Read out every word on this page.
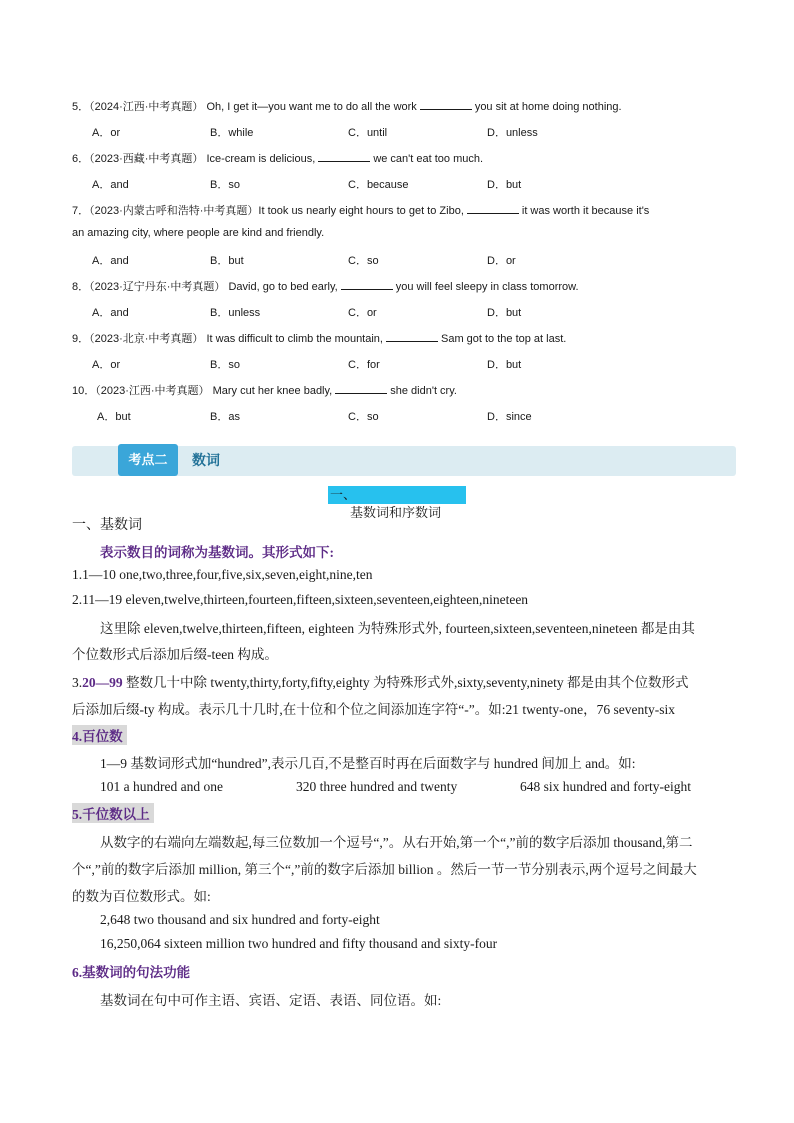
5．（2024·江西·中考真题） Oh, I get it—you want me to do all the work	you sit at home doing nothing.
A．or	B．while	C．until	D．unless
6．（2023·西藏·中考真题） Ice-cream is delicious,	we can't eat too much.
A．and	B．so	C．because	D．but
7．（2023·内蒙古呼和浩特·中考真题）It took us nearly eight hours to get to Zibo,	it was worth it because it's
an amazing city, where people are kind and friendly.
A．and	B．but	C．so	D．or
8．（2023·辽宁丹东·中考真题） David, go to bed early,	you will feel sleepy in class tomorrow.
A．and	B．unless	C．or	D．but
9．（2023·北京·中考真题） It was difficult to climb the mountain,	Sam got to the top at last.
A．or	B．so	C．for	D．but
10．（2023·江西·中考真题） Mary cut her knee badly,	she didn't cry.
A．but	B．as	C．so	D．since
考点二	数词
一、基数词和序数词
一、基数词
表示数目的词称为基数词。其形式如下:
1.1—10 one,two,three,four,five,six,seven,eight,nine,ten
2.11—19 eleven,twelve,thirteen,fourteen,fifteen,sixteen,seventeen,eighteen,nineteen
这里除 eleven,twelve,thirteen,fifteen, eighteen 为特殊形式外, fourteen,sixteen,seventeen,nineteen 都是由其
个位数形式后添加后缀-teen 构成。
3.20—99 整数几十中除 twenty,thirty,forty,fifty,eighty 为特殊形式外,sixty,seventy,ninety 都是由其个位数形式
后添加后缀-ty 构成。表示几十几时,在十位和个位之间添加连字符“-”。如:21 twenty-one，76 seventy-six
4.百位数
1—9 基数词形式加“hundred”,表示几百,不是整百时再在后面数字与 hundred 间加上 and。如:
101 a hundred and one	320 three hundred and twenty	648 six hundred and forty-eight
5.千位数以上
从数字的右端向左端数起,每三位数加一个逗号“,”。从右开始,第一个“,”前的数字后添加 thousand,第二
个“,”前的数字后添加 million, 第三个“,”前的数字后添加 billion 。然后一节一节分别表示,两个逗号之间最大
的数为百位数形式。如:
2,648 two thousand and six hundred and forty-eight
16,250,064 sixteen million two hundred and fifty thousand and sixty-four
6.基数词的句法功能
基数词在句中可作主语、宾语、定语、表语、同位语。如:
